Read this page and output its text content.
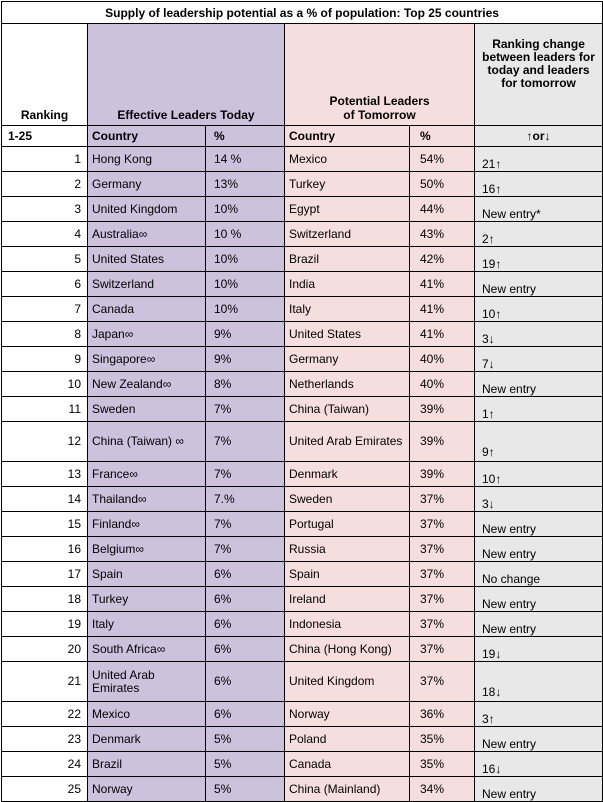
Supply of leadership potential as a % of population: Top 25 countries					
Ranking	Effective Leaders Today		Potential Leaders of Tomorrow		Ranking change between leaders for today and leaders for tomorrow
1-25	Country	%	Country	%	↑or↓
1	Hong Kong	14 %	Mexico	54%	21↑
2	Germany	13%	Turkey	50%	16↑
3	United Kingdom	10%	Egypt	44%	New entry*
4	Australia∞	10 %	Switzerland	43%	2↑
5	United States	10%	Brazil	42%	19↑
6	Switzerland	10%	India	41%	New entry
7	Canada	10%	Italy	41%	10↑
8	Japan∞	9%	United States	41%	3↓
9	Singapore∞	9%	Germany	40%	7↓
10	New Zealand∞	8%	Netherlands	40%	New entry
11	Sweden	7%	China (Taiwan)	39%	1↑
12	China (Taiwan) ∞	7%	United Arab Emirates	39%	9↑
13	France∞	7%	Denmark	39%	10↑
14	Thailand∞	7.%	Sweden	37%	3↓
15	Finland∞	7%	Portugal	37%	New entry
16	Belgium∞	7%	Russia	37%	New entry
17	Spain	6%	Spain	37%	No change
18	Turkey	6%	Ireland	37%	New entry
19	Italy	6%	Indonesia	37%	New entry
20	South Africa∞	6%	China (Hong Kong)	37%	19↓
21	United Arab Emirates	6%	United Kingdom	37%	18↓
22	Mexico	6%	Norway	36%	3↑
23	Denmark	5%	Poland	35%	New entry
24	Brazil	5%	Canada	35%	16↓
25	Norway	5%	China (Mainland)	34%	New entry
